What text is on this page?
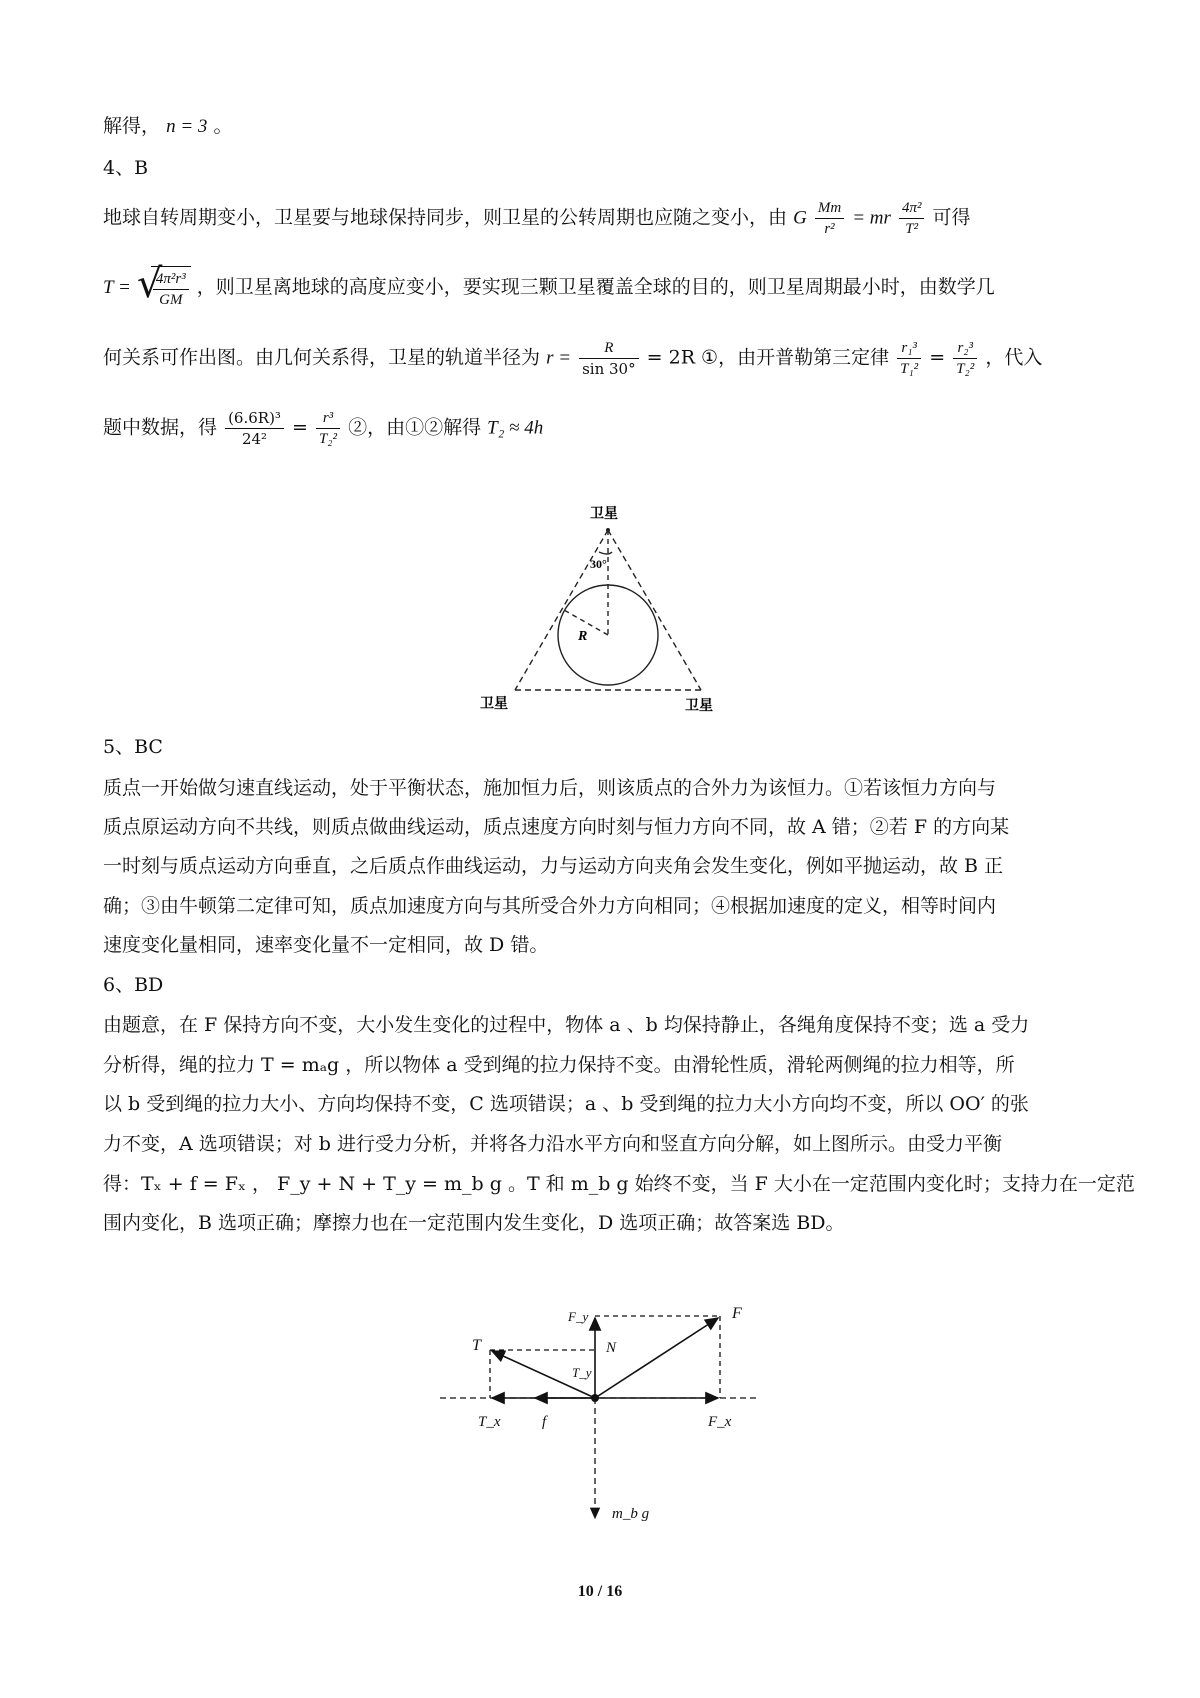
解得， n = 3 。
4、B
地球自转周期变小，卫星要与地球保持同步，则卫星的公转周期也应随之变小，由 G $\frac{Mm}{\text{r²}}$ = mr $\frac{\text{4π²}}{\text{T²}}$ 可得
T = √
$\frac{\text{4π²r³}}{GM}$ ，则卫星离地球的高度应变小，要实现三颗卫星覆盖全球的目的，则卫星周期最小时，由数学几
何关系可作出图。由几何关系得，卫星的轨道半径为 $r = \frac{R}{\sin 30^\circ} = 2R$ ①，由开普勒第三定律 $\frac{\text{r₁³}}{\text{T₁²}} = \frac{\text{r₂³}}{\text{T₂²}}$ ，代入
题中数据，得 $\frac{\text{(6.6R)³}}{\text{24²}} = \frac{\text{r³}}{\text{T₂²}}$ ②，由①②解得 T₂ ≈ 4h
卫星
卫星	卫星
30°
R
5、BC
质点一开始做匀速直线运动，处于平衡状态，施加恒力后，则该质点的合外力为该恒力。①若该恒力方向与
质点原运动方向不共线，则质点做曲线运动，质点速度方向时刻与恒力方向不同，故 A 错；②若 F 的方向某
一时刻与质点运动方向垂直，之后质点作曲线运动，力与运动方向夹角会发生变化，例如平抛运动，故 B 正
确；③由牛顿第二定律可知，质点加速度方向与其所受合外力方向相同；④根据加速度的定义，相等时间内
速度变化量相同，速率变化量不一定相同，故 D 错。
6、BD
由题意，在 F 保持方向不变，大小发生变化的过程中，物体 a 、b 均保持静止，各绳角度保持不变；选 a 受力
分析得，绳的拉力 T = mₐg ，所以物体 a 受到绳的拉力保持不变。由滑轮性质，滑轮两侧绳的拉力相等，所
以 b 受到绳的拉力大小、方向均保持不变，C 选项错误；a 、b 受到绳的拉力大小方向均不变，所以 OO′ 的张
力不变，A 选项错误；对 b 进行受力分析，并将各力沿水平方向和竖直方向分解，如上图所示。由受力平衡
得：Tₓ + f = Fₓ ， F_y + N + T_y = m_b g 。T 和 m_b g 始终不变，当 F 大小在一定范围内变化时；支持力在一定范
围内变化，B 选项正确；摩擦力也在一定范围内发生变化，D 选项正确；故答案选 BD。
F
F_y
N
T
T_y
T_x	f	F_x
m_b g
10 / 16
